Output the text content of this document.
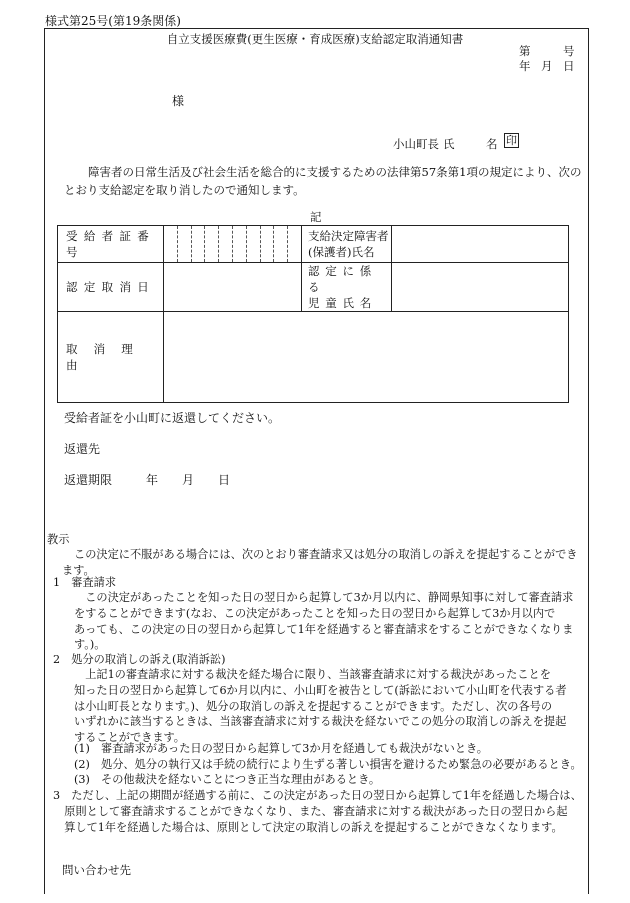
様式第25号(第19条関係)
自立支援医療費(更生医療・育成医療)支給認定取消通知書
第	号
年 月 日
様
小山町長 氏	名 印
障害者の日常生活及び社会生活を総合的に支援するための法律第57条第1項の規定により、次のとおり支給認定を取り消したので通知します。
記
受給者証番号		支給決定障害者
(保護者)氏名	

認定取消日		認定に係る
児童氏名	

取消理由			
受給者証を小山町に返還してください。
返還先
返還期限	年 月 日
教示
この決定に不服がある場合には、次のとおり審査請求又は処分の取消しの訴えを提起することができます。
1　審査請求
　この決定があったことを知った日の翌日から起算して3か月以内に、静岡県知事に対して審査請求
をすることができます(なお、この決定があったことを知った日の翌日から起算して3か月以内で
あっても、この決定の日の翌日から起算して1年を経過すると審査請求をすることができなくなりま
す。)。
2　処分の取消しの訴え(取消訴訟)
　上記1の審査請求に対する裁決を経た場合に限り、当該審査請求に対する裁決があったことを
知った日の翌日から起算して6か月以内に、小山町を被告として(訴訟において小山町を代表する者
は小山町長となります。)、処分の取消しの訴えを提起することができます。ただし、次の各号の
いずれかに該当するときは、当該審査請求に対する裁決を経ないでこの処分の取消しの訴えを提起
することができます。
(1)　審査請求があった日の翌日から起算して3か月を経過しても裁決がないとき。
(2)　処分、処分の執行又は手続の続行により生ずる著しい損害を避けるため緊急の必要があるとき。
(3)　その他裁決を経ないことにつき正当な理由があるとき。
3　ただし、上記の期間が経過する前に、この決定があった日の翌日から起算して1年を経過した場合は、
　原則として審査請求することができなくなり、また、審査請求に対する裁決があった日の翌日から起
　算して1年を経過した場合は、原則として決定の取消しの訴えを提起することができなくなります。
問い合わせ先
